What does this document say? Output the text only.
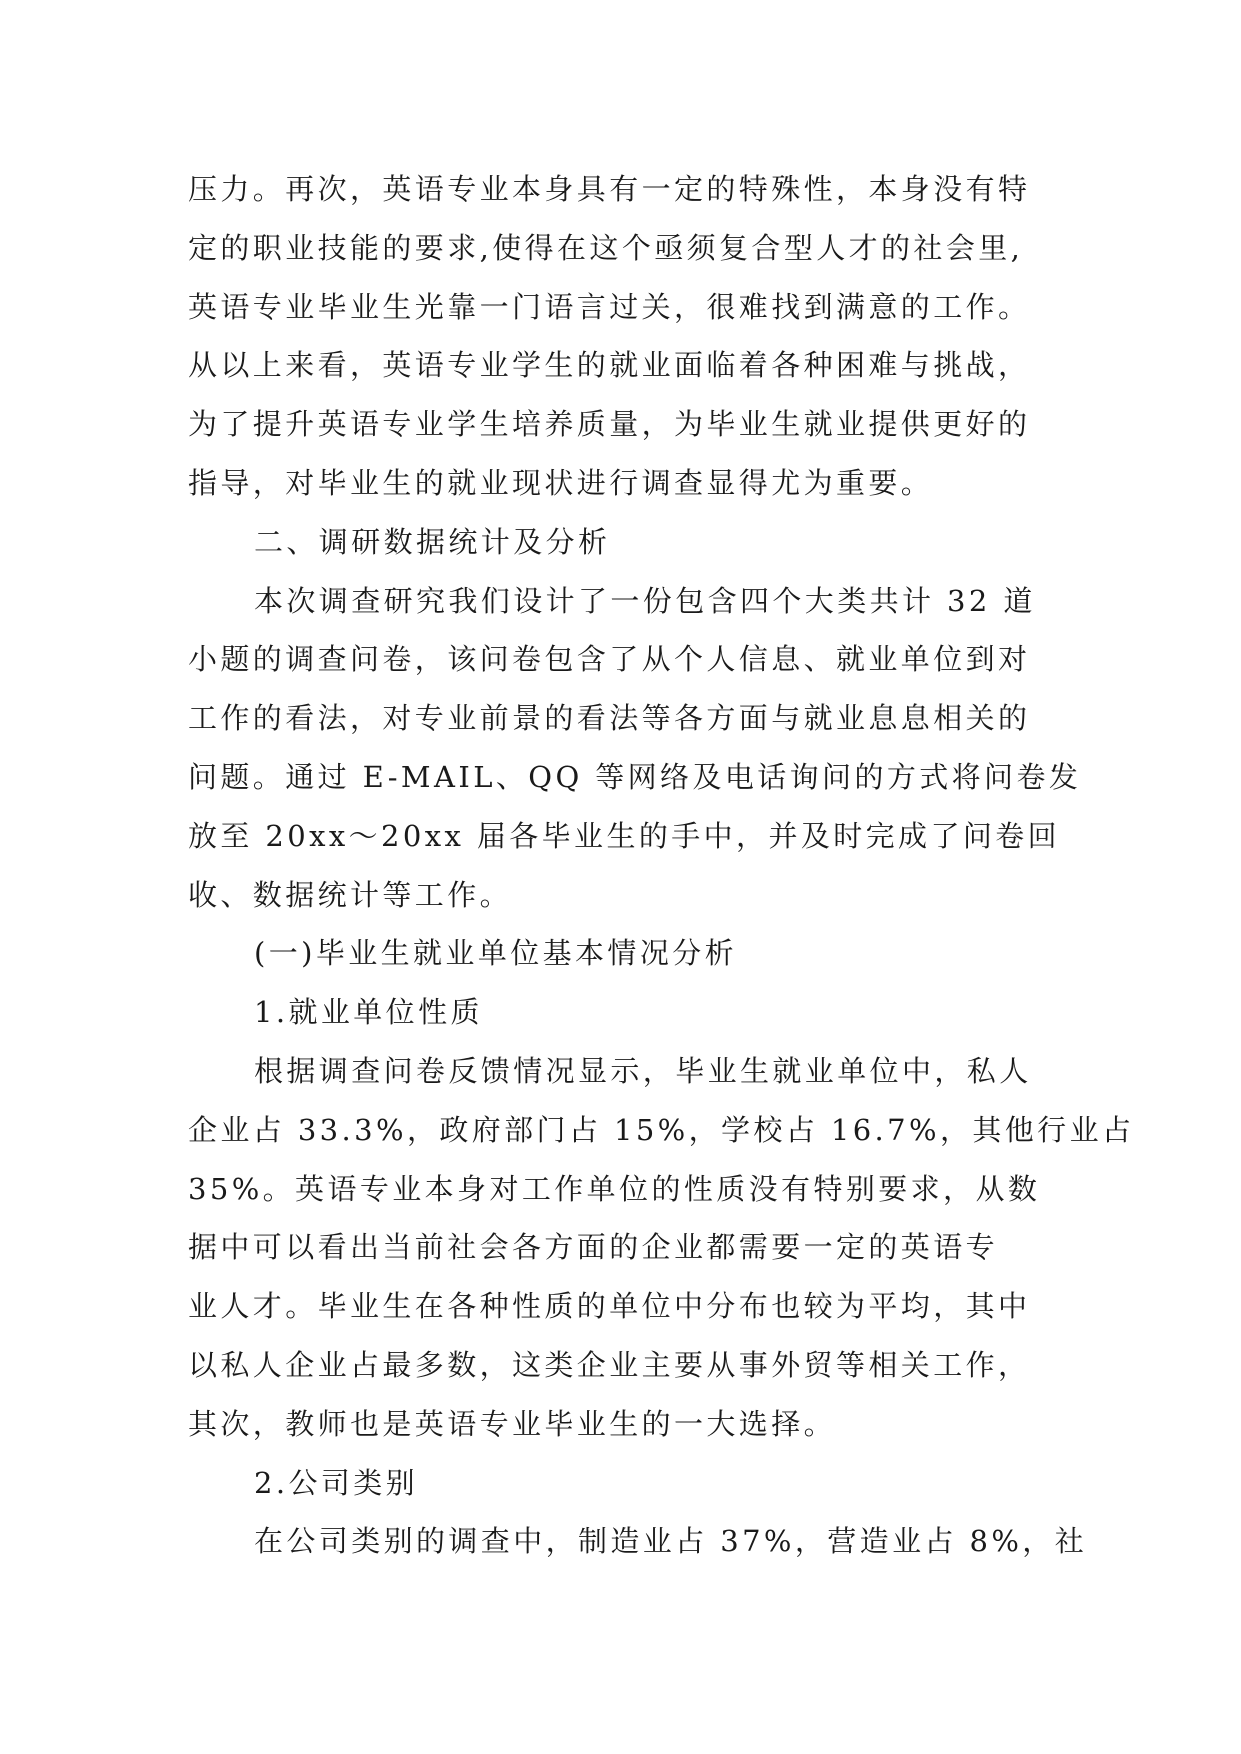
压力。再次，英语专业本身具有一定的特殊性，本身没有特
定的职业技能的要求,使得在这个亟须复合型人才的社会里,
英语专业毕业生光靠一门语言过关，很难找到满意的工作。
从以上来看，英语专业学生的就业面临着各种困难与挑战，
为了提升英语专业学生培养质量，为毕业生就业提供更好的
指导，对毕业生的就业现状进行调查显得尤为重要。
二、调研数据统计及分析
本次调查研究我们设计了一份包含四个大类共计 32 道
小题的调查问卷，该问卷包含了从个人信息、就业单位到对
工作的看法，对专业前景的看法等各方面与就业息息相关的
问题。通过 E-MAIL、QQ 等网络及电话询问的方式将问卷发
放至 20xx～20xx 届各毕业生的手中，并及时完成了问卷回
收、数据统计等工作。
(一)毕业生就业单位基本情况分析
1.就业单位性质
根据调查问卷反馈情况显示，毕业生就业单位中，私人
企业占 33.3%，政府部门占 15%，学校占 16.7%，其他行业占
35%。英语专业本身对工作单位的性质没有特别要求，从数
据中可以看出当前社会各方面的企业都需要一定的英语专
业人才。毕业生在各种性质的单位中分布也较为平均，其中
以私人企业占最多数，这类企业主要从事外贸等相关工作，
其次，教师也是英语专业毕业生的一大选择。
2.公司类别
在公司类别的调查中，制造业占 37%，营造业占 8%，社
